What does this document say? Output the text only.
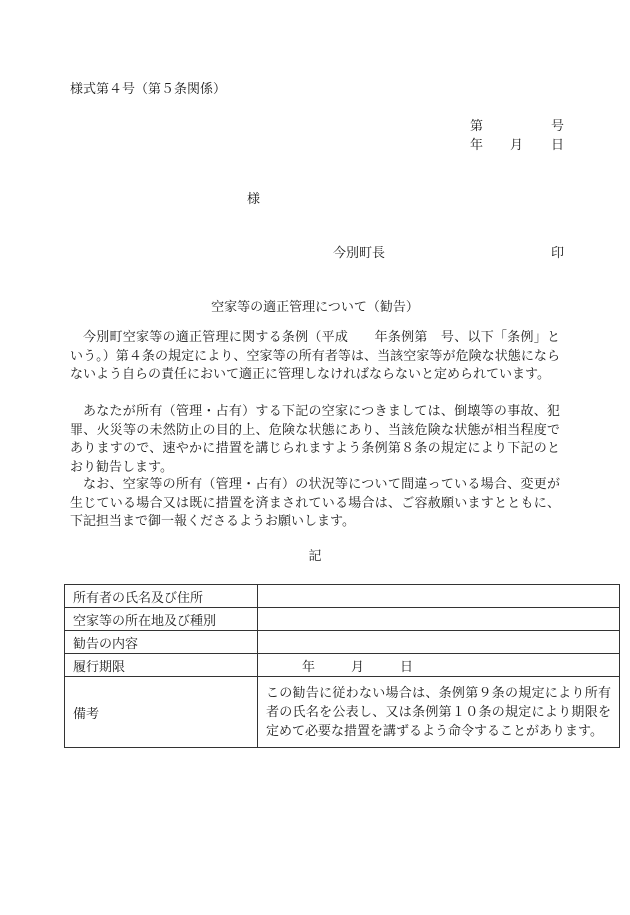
様式第４号（第５条関係）
第	号
年 月 日
様
今別町長	印
空家等の適正管理について（勧告）
今別町空家等の適正管理に関する条例（平成　　年条例第　号、以下「条例」という。）第４条の規定により、空家等の所有者等は、当該空家等が危険な状態にならないよう自らの責任において適正に管理しなければならないと定められています。
あなたが所有（管理・占有）する下記の空家につきましては、倒壊等の事故、犯罪、火災等の未然防止の目的上、危険な状態にあり、当該危険な状態が相当程度でありますので、速やかに措置を講じられますよう条例第８条の規定により下記のとおり勧告します。
なお、空家等の所有（管理・占有）の状況等について間違っている場合、変更が生じている場合又は既に措置を済まされている場合は、ご容赦願いますとともに、下記担当まで御一報くださるようお願いします。
記
所有者の氏名及び住所	
空家等の所在地及び種別	
勧告の内容	
履行期限	年 月 日
備考	この勧告に従わない場合は、条例第９条の規定により所有者の氏名を公表し、又は条例第１０条の規定により期限を定めて必要な措置を講ずるよう命令することがあります。
